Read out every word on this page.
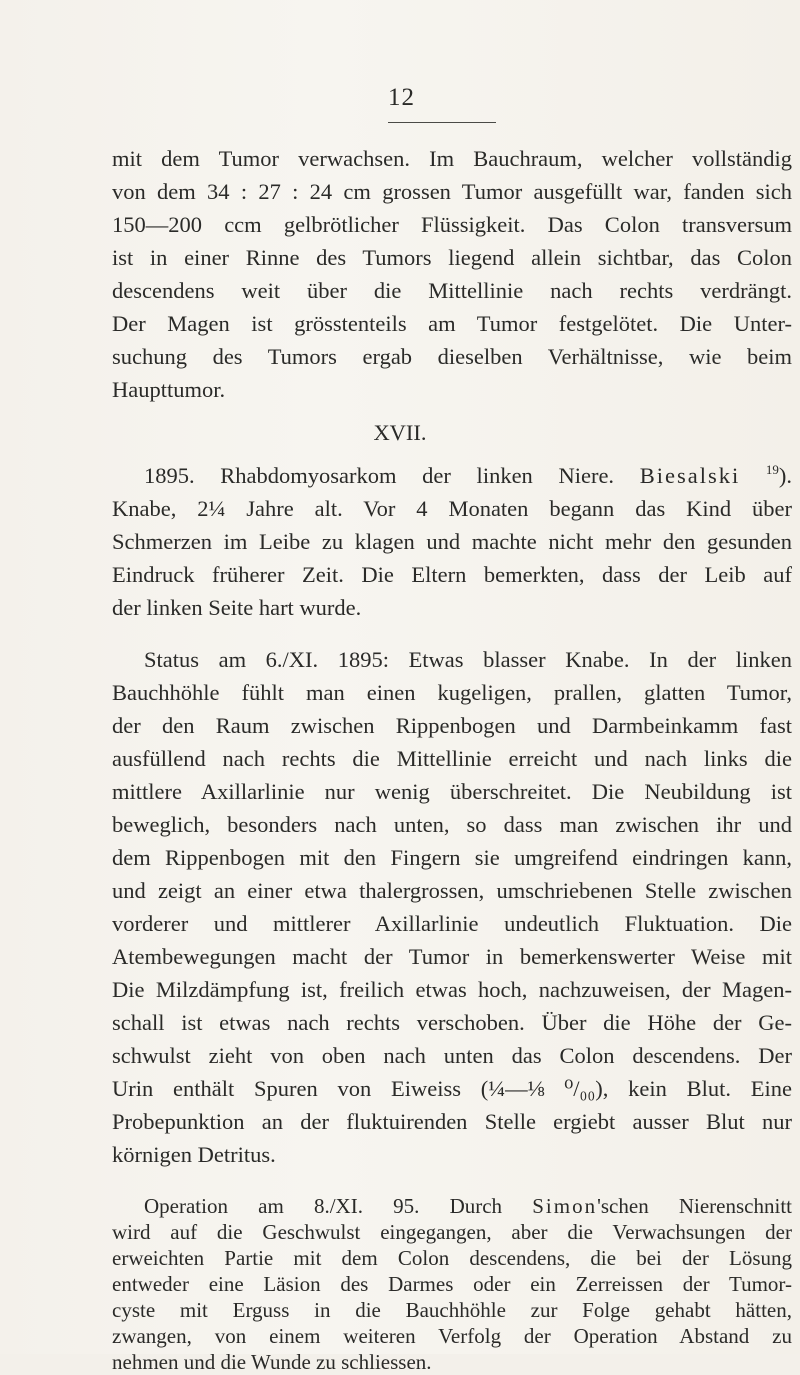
12
mit dem Tumor verwachsen. Im Bauchraum, welcher vollständig
von dem 34 : 27 : 24 cm grossen Tumor ausgefüllt war, fanden sich
150—200 ccm gelbrötlicher Flüssigkeit. Das Colon transversum
ist in einer Rinne des Tumors liegend allein sichtbar, das Colon
descendens weit über die Mittellinie nach rechts verdrängt.
Der Magen ist grösstenteils am Tumor festgelötet. Die Unter-
suchung des Tumors ergab dieselben Verhältnisse, wie beim
Haupttumor.
XVII.
1895. Rhabdomyosarkom der linken Niere. Biesalski $^{19}$).
Knabe, 2¼ Jahre alt. Vor 4 Monaten begann das Kind über
Schmerzen im Leibe zu klagen und machte nicht mehr den gesunden
Eindruck früherer Zeit. Die Eltern bemerkten, dass der Leib auf
der linken Seite hart wurde.
Status am 6./XI. 1895: Etwas blasser Knabe. In der linken
Bauchhöhle fühlt man einen kugeligen, prallen, glatten Tumor,
der den Raum zwischen Rippenbogen und Darmbeinkamm fast
ausfüllend nach rechts die Mittellinie erreicht und nach links die
mittlere Axillarlinie nur wenig überschreitet. Die Neubildung ist
beweglich, besonders nach unten, so dass man zwischen ihr und
dem Rippenbogen mit den Fingern sie umgreifend eindringen kann,
und zeigt an einer etwa thalergrossen, umschriebenen Stelle zwischen
vorderer und mittlerer Axillarlinie undeutlich Fluktuation. Die
Atembewegungen macht der Tumor in bemerkenswerter Weise mit
Die Milzdämpfung ist, freilich etwas hoch, nachzuweisen, der Magen-
schall ist etwas nach rechts verschoben. Über die Höhe der Ge-
schwulst zieht von oben nach unten das Colon descendens. Der
Urin enthält Spuren von Eiweiss (¼—⅛ ⁰/₀₀), kein Blut. Eine
Probepunktion an der fluktuirenden Stelle ergiebt ausser Blut nur
körnigen Detritus.
Operation am 8./XI. 95. Durch Simon'schen Nierenschnitt
wird auf die Geschwulst eingegangen, aber die Verwachsungen der
erweichten Partie mit dem Colon descendens, die bei der Lösung
entweder eine Läsion des Darmes oder ein Zerreissen der Tumor-
cyste mit Erguss in die Bauchhöhle zur Folge gehabt hätten,
zwangen, von einem weiteren Verfolg der Operation Abstand zu
nehmen und die Wunde zu schliessen.
